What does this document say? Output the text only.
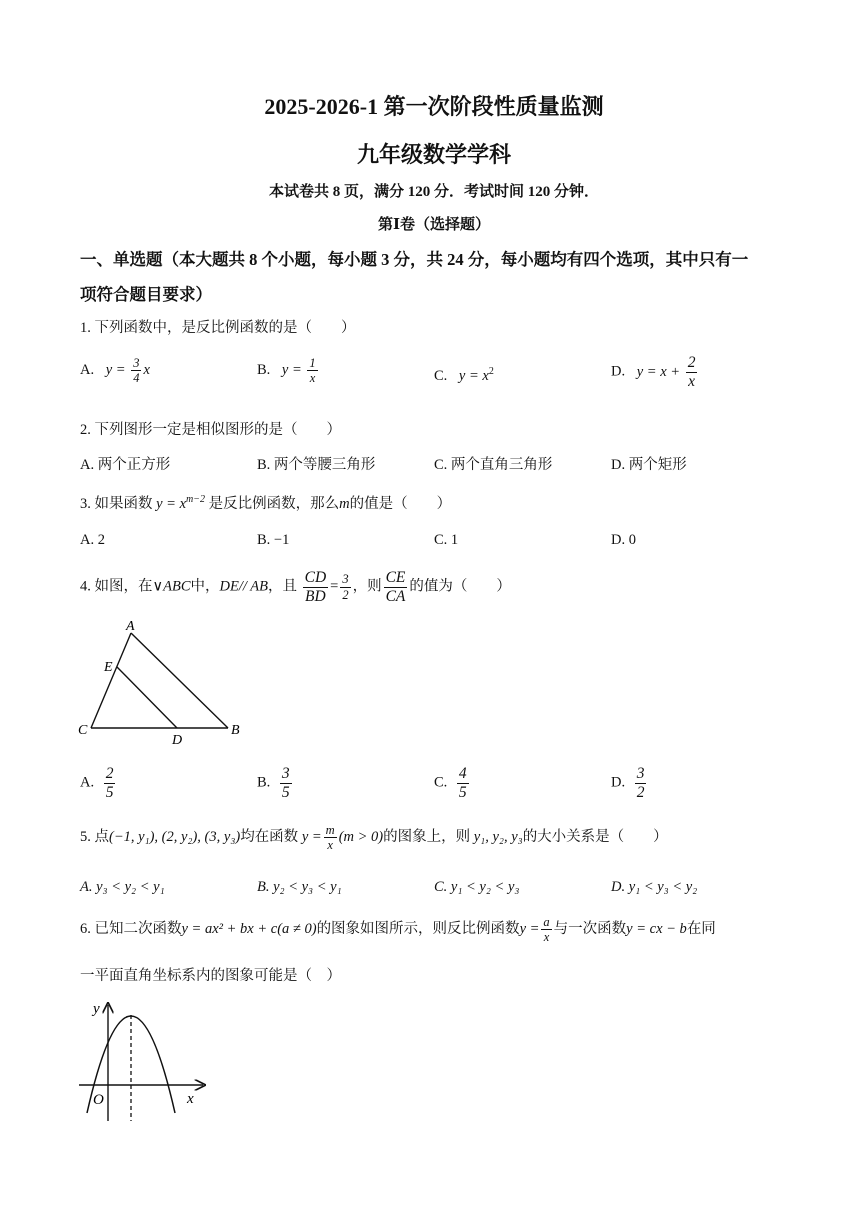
2025-2026-1 第一次阶段性质量监测
九年级数学学科
本试卷共 8 页，满分 120 分．考试时间 120 分钟．
第Ⅰ卷（选择题）
一、单选题（本大题共 8 个小题，每小题 3 分，共 24 分，每小题均有四个选项，其中只有一
项符合题目要求）
1. 下列函数中，是反比例函数的是（　　）
A. $y = \frac{3}{4}$ x	B. $y = \frac{1}{x}$	C. $y = x^2$	D. $y = x + \frac{2}{x}$
2. 下列图形一定是相似图形的是（　　）
A. 两个正方形	B. 两个等腰三角形	C. 两个直角三角形	D. 两个矩形
3. 如果函数 $y = x^{m-2}$ 是反比例函数，那么m的值是（　　）
A. 2	B. −1	C. 1	D. 0
4. 如图，在∨ABC中，DE// AB，且 $\frac{CD}{BD} = \frac{3}{2}$ ，则 $\frac{CE}{CA}$ 的值为（　　）
A
E
C
D
B
A. $\frac{2}{5}$	B. $\frac{3}{5}$	C. $\frac{4}{5}$	D. $\frac{3}{2}$
5. 点(−1, y₁), (2, y₂), (3, y₃)均在函数 $y = \frac{m}{x} (m > 0)$的图象上，则 y₁, y₂, y₃的大小关系是（　　）
A. y₃ < y₂ < y₁	B. y₂ < y₃ < y₁	C. y₁ < y₂ < y₃	D. y₁ < y₃ < y₂
6. 已知二次函数y = ax² + bx + c(a ≠ 0)的图象如图所示，则反比例函数$y = \frac{a}{x}$ 与一次函数y = cx − b在同
一平面直角坐标系内的图象可能是（　）
y
x
O
